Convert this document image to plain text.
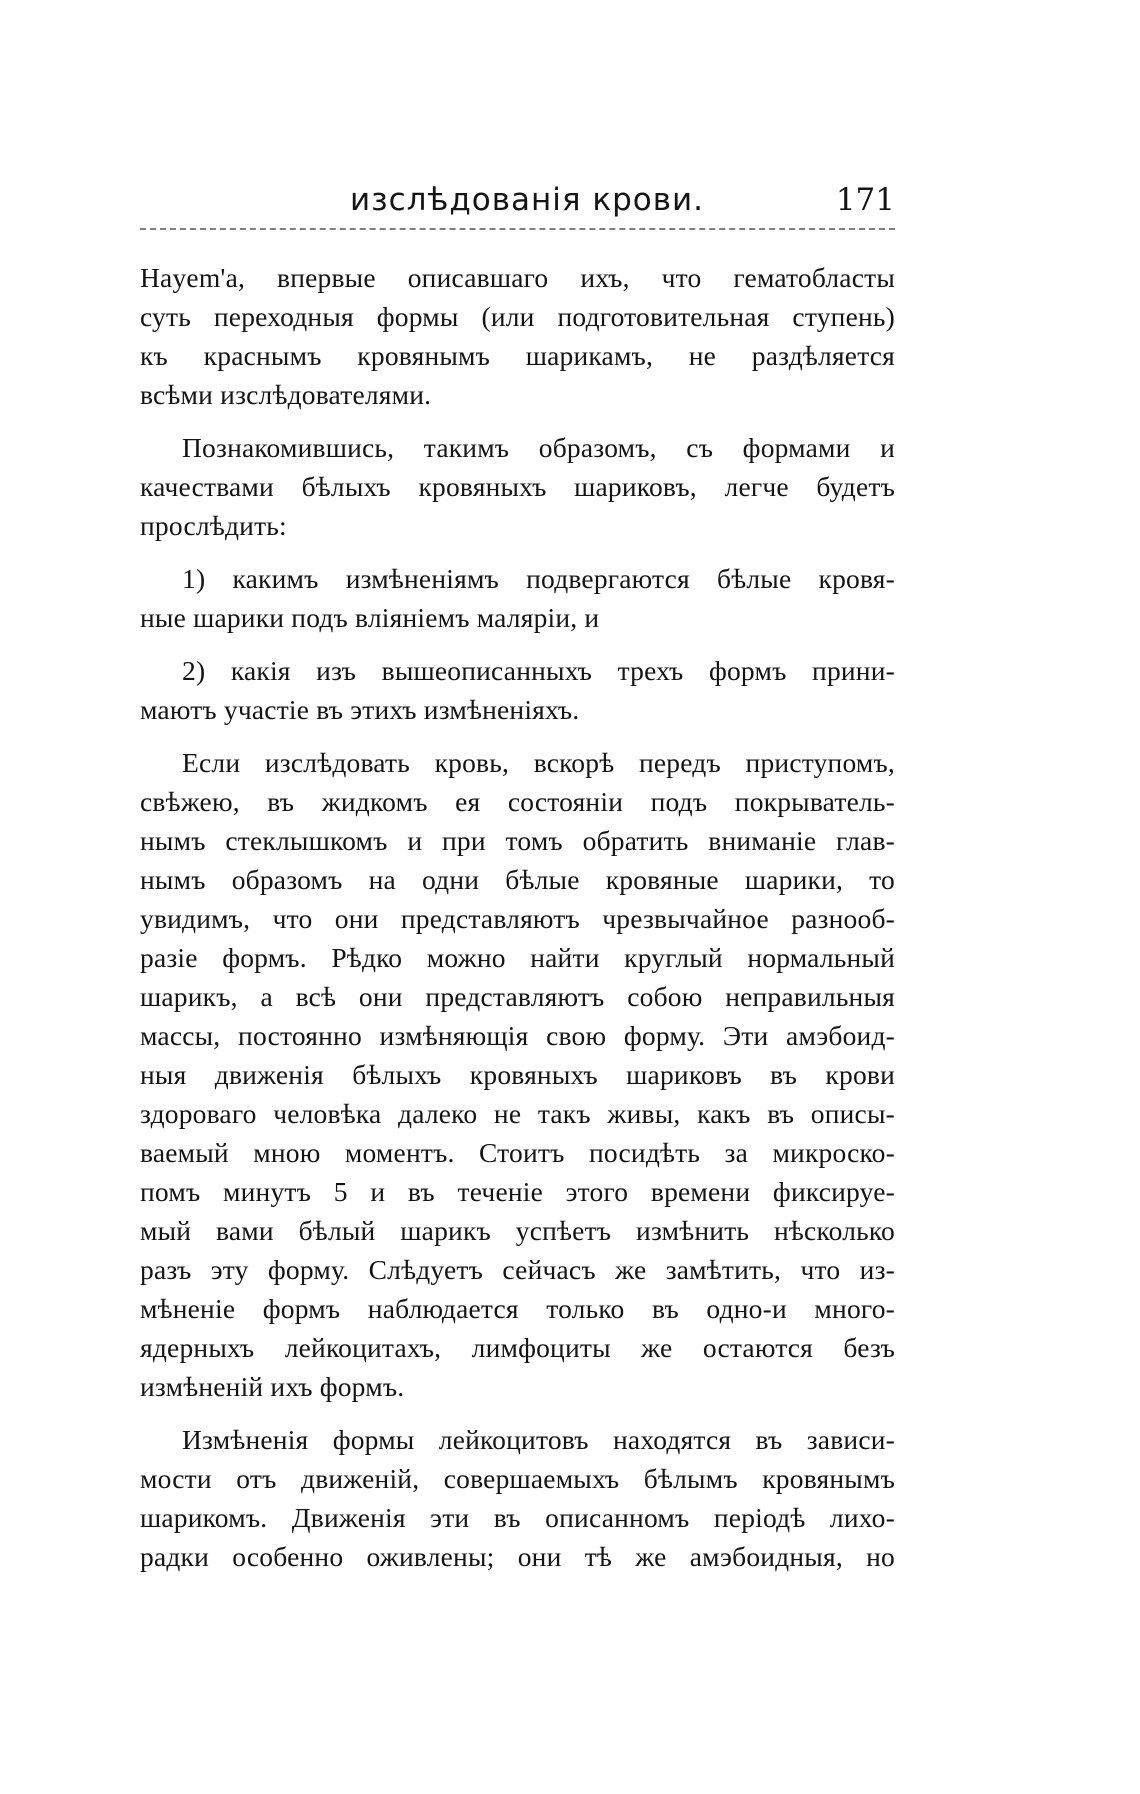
изслѣдованія крови.	171
Hayem'a, впервые описавшаго ихъ, что гематобласты
суть переходныя формы (или подготовительная ступень)
къ краснымъ кровянымъ шарикамъ, не раздѣляется
всѣми изслѣдователями.
Познакомившись, такимъ образомъ, съ формами и
качествами бѣлыхъ кровяныхъ шариковъ, легче будетъ
прослѣдить:
1) какимъ измѣненіямъ подвергаются бѣлые кровя-
ные шарики подъ вліяніемъ маляріи, и
2) какія изъ вышеописанныхъ трехъ формъ прини-
маютъ участіе въ этихъ измѣненіяхъ.
Если изслѣдовать кровь, вскорѣ передъ приступомъ,
свѣжею, въ жидкомъ ея состояніи подъ покрыватель-
нымъ стеклышкомъ и при томъ обратить вниманіе глав-
нымъ образомъ на одни бѣлые кровяные шарики, то
увидимъ, что они представляютъ чрезвычайное разнооб-
разіе формъ. Рѣдко можно найти круглый нормальный
шарикъ, а всѣ они представляютъ собою неправильныя
массы, постоянно измѣняющія свою форму. Эти амэбоид-
ныя движенія бѣлыхъ кровяныхъ шариковъ въ крови
здороваго человѣка далеко не такъ живы, какъ въ описы-
ваемый мною моментъ. Стоитъ посидѣть за микроско-
помъ минутъ 5 и въ теченіе этого времени фиксируе-
мый вами бѣлый шарикъ успѣетъ измѣнить нѣсколько
разъ эту форму. Слѣдуетъ сейчасъ же замѣтить, что из-
мѣненіе формъ наблюдается только въ одно-и много-
ядерныхъ лейкоцитахъ, лимфоциты же остаются безъ
измѣненій ихъ формъ.
Измѣненія формы лейкоцитовъ находятся въ зависи-
мости отъ движеній, совершаемыхъ бѣлымъ кровянымъ
шарикомъ. Движенія эти въ описанномъ періодѣ лихо-
радки особенно оживлены; они тѣ же амэбоидныя, но
